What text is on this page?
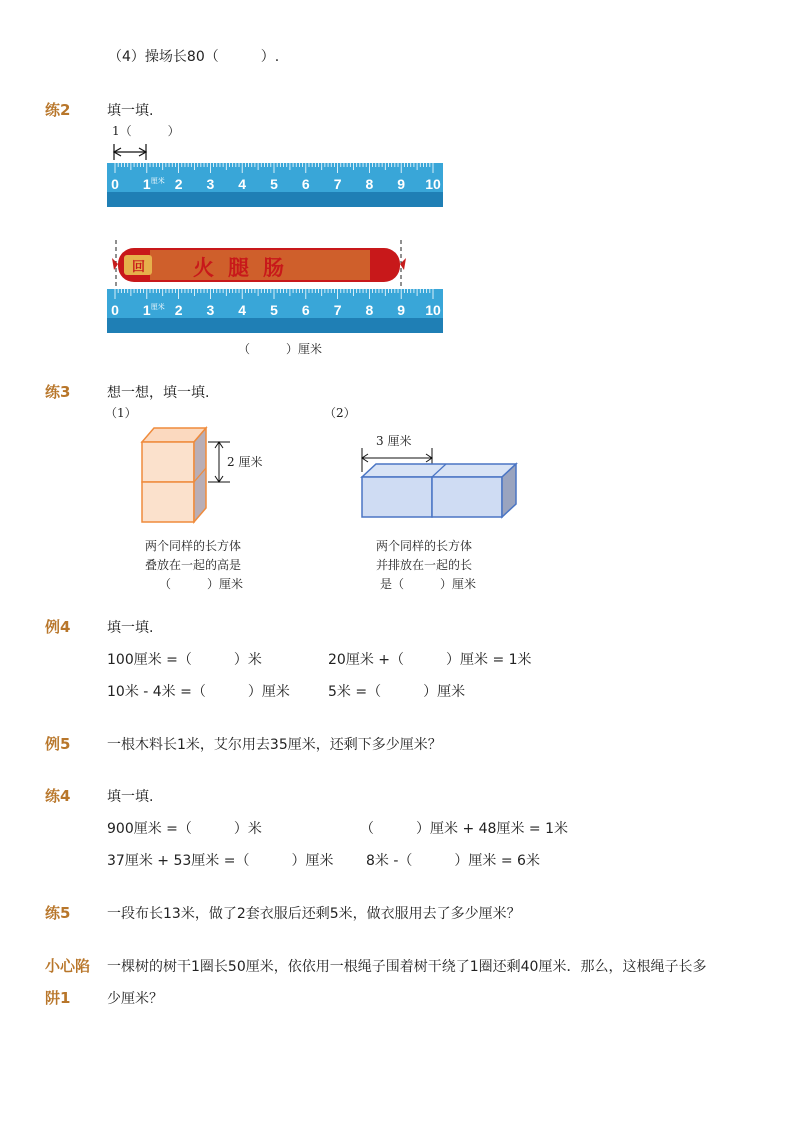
（4）操场长80（　　　）.
练2	填一填.
1（　　　）
0 1 2 3 4 5 6 7 8 9 10
厘米
回 火腿肠
0 1 2 3 4 5 6 7 8 9 10
厘米
（　　　）厘米
练3	想一想，填一填.
（1）	（2）
2 厘米
3 厘米
两个同样的长方体
叠放在一起的高是
（　　　）厘米
两个同样的长方体
并排放在一起的长
是（　　　）厘米
例4	填一填.
100厘米 =（　　　）米	20厘米 +（　　　）厘米 = 1米
10米 - 4米 =（　　　）厘米	5米 =（　　　）厘米
例5	一根木料长1米，艾尔用去35厘米，还剩下多少厘米？
练4	填一填.
900厘米 =（　　　）米	（　　　）厘米 + 48厘米 = 1米
37厘米 + 53厘米 =（　　　）厘米 8米 -（　　　）厘米 = 6米
练5	一段布长13米，做了2套衣服后还剩5米，做衣服用去了多少厘米？
小心陷
阱1
一棵树的树干1圈长50厘米，依依用一根绳子围着树干绕了1圈还剩40厘米．那么，这根绳子长多
少厘米？
